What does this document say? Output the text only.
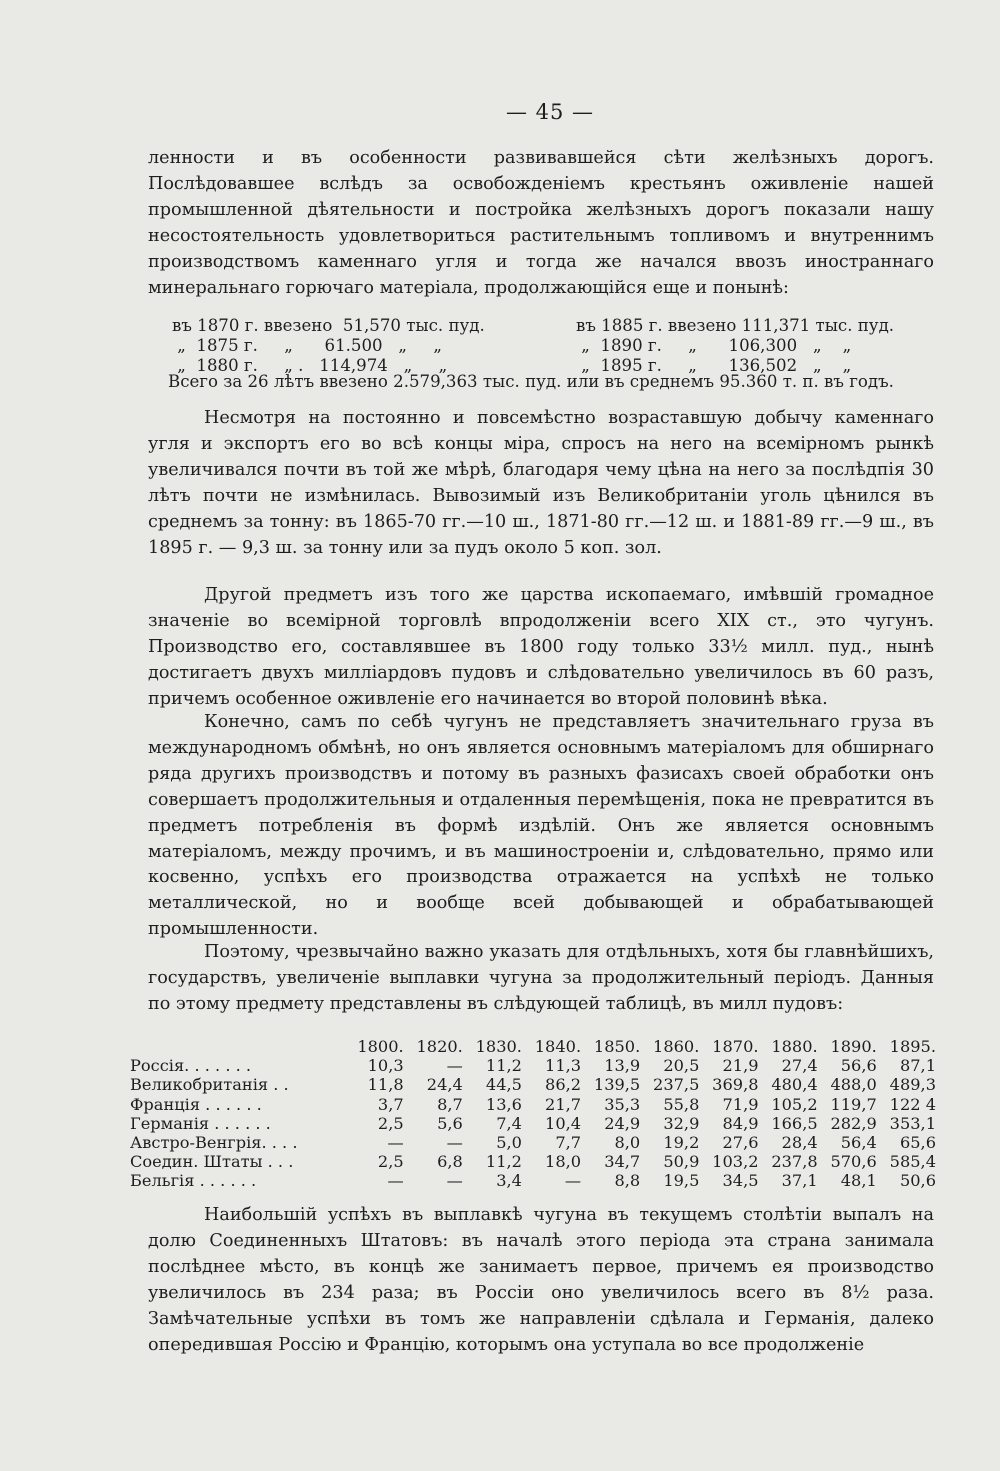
— 45 —

ленности и въ особенности развивавшейся сѣти желѣзныхъ дорогъ. Послѣдовавшее вслѣдъ за освобожденіемъ крестьянъ оживленіе нашей промышленной дѣятельности и постройка желѣзныхъ дорогъ показали нашу несостоятельность удовлетвориться растительнымъ топливомъ и внутреннимъ производствомъ каменнаго угля и тогда же начался ввозъ иностраннаго минеральнаго горючаго матеріала, продолжающійся еще и понынѣ:

въ 1870 г. ввезено  51,570 тыс. пуд.	въ 1885 г. ввезено 111,371 тыс. пуд.
„  1875 г.     „      61.500   „     „	„  1890 г.     „      106,300   „    „
„  1880 г.     „ .   114,974   „     „	„  1895 г.     „      136,502   „    „
Всего за 26 лѣтъ ввезено 2.579,363 тыс. пуд. или въ среднемъ 95.360 т. п. въ годъ.

Несмотря на постоянно и повсемѣстно возраставшую добычу каменнаго угля и экспортъ его во всѣ концы міра, спросъ на него на всемірномъ рынкѣ увеличивался почти въ той же мѣрѣ, благодаря чему цѣна на него за послѣдпія 30 лѣтъ почти не измѣнилась. Вывозимый изъ Великобританіи уголь цѣнился въ среднемъ за тонну: въ 1865-70 гг.—10 ш., 1871-80 гг.—12 ш. и 1881-89 гг.—9 ш., въ 1895 г. — 9,3 ш. за тонну или за пудъ около 5 коп. зол.

Другой предметъ изъ того же царства ископаемаго, имѣвшій громадное значеніе во всемірной торговлѣ впродолженіи всего XIX ст., это чугунъ. Производство его, составлявшее въ 1800 году только 33½ милл. пуд., нынѣ достигаетъ двухъ милліардовъ пудовъ и слѣдовательно увеличилось въ 60 разъ, причемъ особенное оживленіе его начинается во второй половинѣ вѣка.

Конечно, самъ по себѣ чугунъ не представляетъ значительнаго груза въ международномъ обмѣнѣ, но онъ является основнымъ матеріаломъ для обширнаго ряда другихъ производствъ и потому въ разныхъ фазисахъ своей обработки онъ совершаетъ продолжительныя и отдаленныя перемѣщенія, пока не превратится въ предметъ потребленія въ формѣ издѣлій. Онъ же является основнымъ матеріаломъ, между прочимъ, и въ машиностроеніи и, слѣдовательно, прямо или косвенно, успѣхъ его производства отражается на успѣхѣ не только металлической, но и вообще всей добывающей и обрабатывающей промышленности.

Поэтому, чрезвычайно важно указать для отдѣльныхъ, хотя бы главнѣйшихъ, государствъ, увеличеніе выплавки чугуна за продолжительный періодъ. Данныя по этому предмету представлены въ слѣдующей таблицѣ, въ милл пудовъ:

	1800.	1820.	1830.	1840.	1850.	1860.	1870.	1880.	1890.	1895.
Россія. . . . . . .	10,3	—	11,2	11,3	13,9	20,5	21,9	27,4	56,6	87,1
Великобританія . .	11,8	24,4	44,5	86,2	139,5	237,5	369,8	480,4	488,0	489,3
Франція . . . . . .	3,7	8,7	13,6	21,7	35,3	55,8	71,9	105,2	119,7	122 4
Германія . . . . . .	2,5	5,6	7,4	10,4	24,9	32,9	84,9	166,5	282,9	353,1
Австро-Венгрія. . . .	—	—	5,0	7,7	8,0	19,2	27,6	28,4	56,4	65,6
Соедин. Штаты . . .	2,5	6,8	11,2	18,0	34,7	50,9	103,2	237,8	570,6	585,4
Бельгія . . . . . .	—	—	3,4	—	8,8	19,5	34,5	37,1	48,1	50,6

Наибольшій успѣхъ въ выплавкѣ чугуна въ текущемъ столѣтіи выпалъ на долю Соединенныхъ Штатовъ: въ началѣ этого періода эта страна занимала послѣднее мѣсто, въ концѣ же занимаетъ первое, причемъ ея производство увеличилось въ 234 раза; въ Россіи оно увеличилось всего въ 8½ раза. Замѣчательные успѣхи въ томъ же направленіи сдѣлала и Германія, далеко опередившая Россію и Францію, которымъ она уступала во все продолженіе
